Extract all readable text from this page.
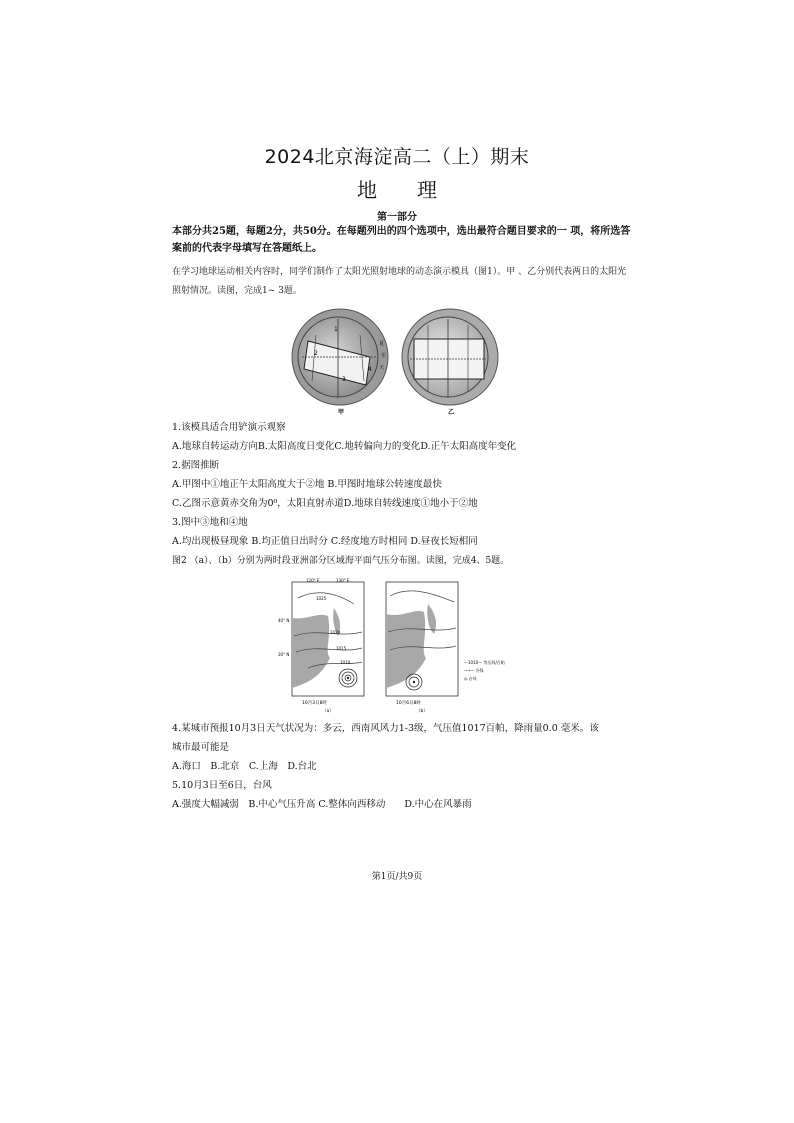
2024北京海淀高二（上）期末
地　　理
第一部分
本部分共25题，每题2分，共50分。在每题列出的四个选项中，选出最符合题目要求的一 项，将所选答案前的代表字母填写在答题纸上。
在学习地球运动相关内容时，同学们制作了太阳光照射地球的动态演示模具（图1）。甲 、乙分别代表两日的太阳光照射情况。读图，完成1~ 3题。
1
2
3
4
夏
至
天
甲	乙
1.该模具适合用铲演示观察
A.地球自转运动方向B.太阳高度日变化C.地转偏向力的变化D.正午太阳高度年变化
2.据图推断
A.甲图中①地正午太阳高度大于②地 B.甲图时地球公转速度最快
C.乙图示意黄赤交角为0⁰，太阳直射赤道D.地球自转线速度①地小于②地
3.图中③地和④地
A.均出现极昼现象 B.均正值日出时分 C.经度地方时相同 D.昼夜长短相同
图2 （a）、（b）分别为两时段亚洲部分区域海平面气压分布图。读图，完成4、5题。
1025
1020
1015
1010
120° E	130° E
40° N
30° N
10月3日8时
（a）
10月6日8时
（b）
—1010— 等压线/百帕
—•— 冷锋
◎ 台风
4.某城市预报10月3日天气状况为：多云，西南风风力1-3级，气压值1017百帕，降雨量0.0 毫米。该
城市最可能是
A.海口　B.北京　C.上海　D.台北
5.10月3日至6日，台风
A.强度大幅减弱　B.中心气压升高 C.整体向西移动　　D.中心在风暴雨
第1页/共9页
